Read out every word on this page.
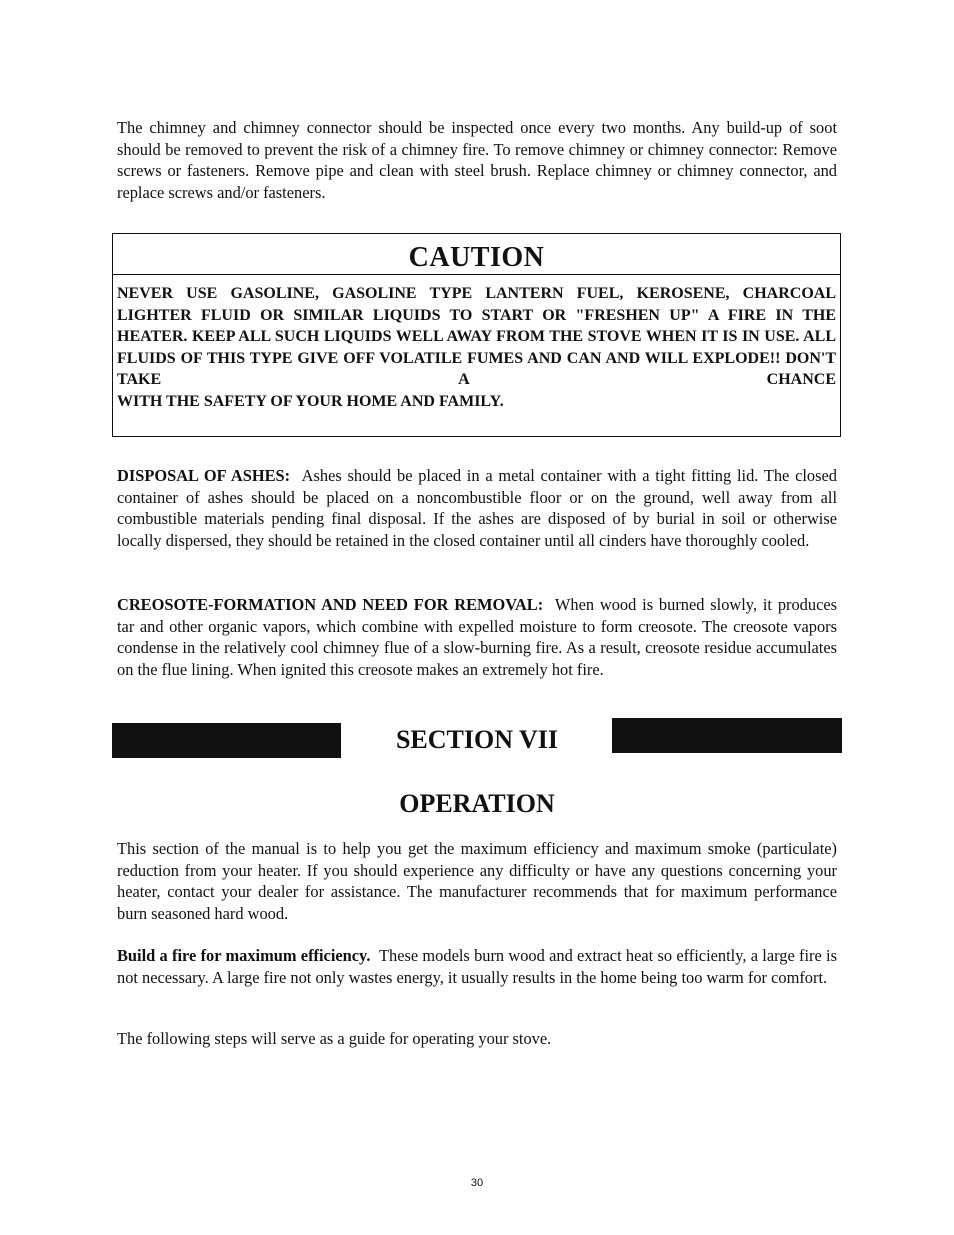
The chimney and chimney connector should be inspected once every two months. Any build-up of soot should be removed to prevent the risk of a chimney fire. To remove chimney or chimney connector: Remove screws or fasteners. Remove pipe and clean with steel brush. Replace chimney or chimney connector, and replace screws and/or fasteners.

CAUTION

NEVER USE GASOLINE, GASOLINE TYPE LANTERN FUEL, KEROSENE, CHARCOAL LIGHTER FLUID OR SIMILAR LIQUIDS TO START OR "FRESHEN UP" A FIRE IN THE HEATER. KEEP ALL SUCH LIQUIDS WELL AWAY FROM THE STOVE WHEN IT IS IN USE. ALL FLUIDS OF THIS TYPE GIVE OFF VOLATILE FUMES AND CAN AND WILL EXPLODE!! DON'T TAKE A CHANCE
WITH THE SAFETY OF YOUR HOME AND FAMILY.

DISPOSAL OF ASHES: Ashes should be placed in a metal container with a tight fitting lid. The closed container of ashes should be placed on a noncombustible floor or on the ground, well away from all combustible materials pending final disposal. If the ashes are disposed of by burial in soil or otherwise locally dispersed, they should be retained in the closed container until all cinders have thoroughly cooled.

CREOSOTE-FORMATION AND NEED FOR REMOVAL: When wood is burned slowly, it produces tar and other organic vapors, which combine with expelled moisture to form creosote. The creosote vapors condense in the relatively cool chimney flue of a slow-burning fire. As a result, creosote residue accumulates on the flue lining. When ignited this creosote makes an extremely hot fire.

SECTION VII
OPERATION

This section of the manual is to help you get the maximum efficiency and maximum smoke (particulate) reduction from your heater. If you should experience any difficulty or have any questions concerning your heater, contact your dealer for assistance. The manufacturer recommends that for maximum performance burn seasoned hard wood.

Build a fire for maximum efficiency. These models burn wood and extract heat so efficiently, a large fire is not necessary. A large fire not only wastes energy, it usually results in the home being too warm for comfort.

The following steps will serve as a guide for operating your stove.

30
